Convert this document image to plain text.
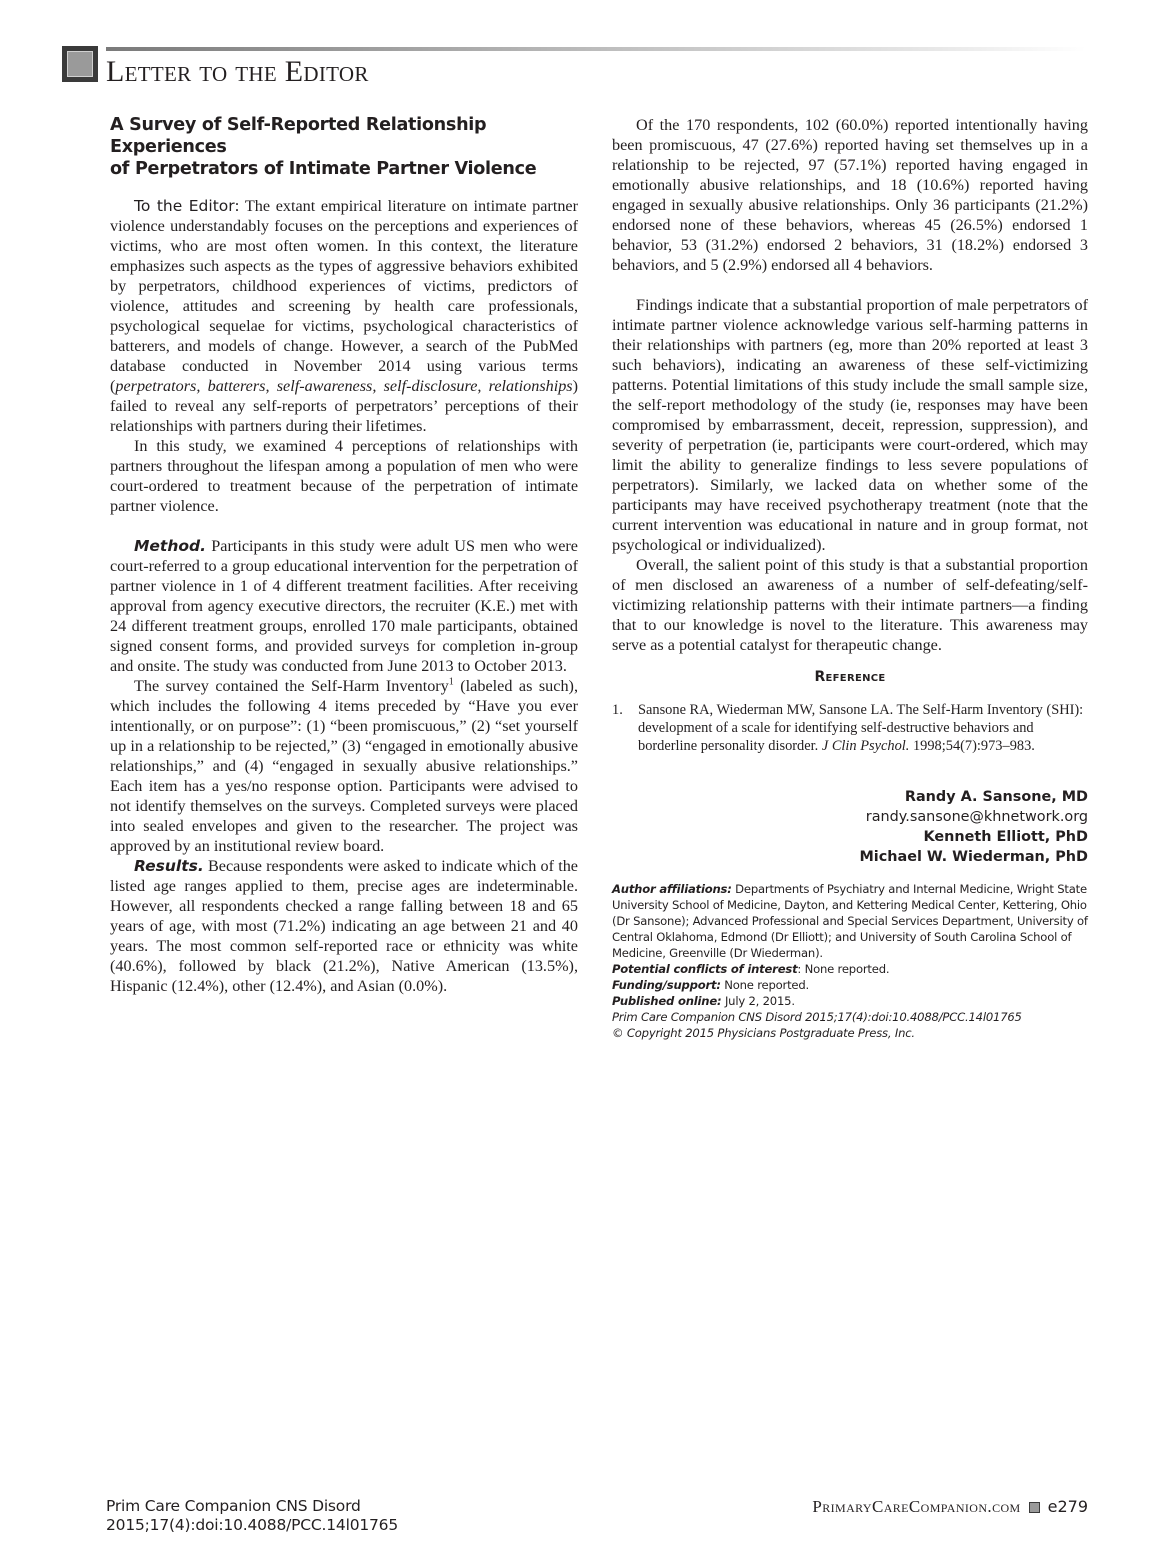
Letter to the Editor
A Survey of Self-Reported Relationship Experiences
of Perpetrators of Intimate Partner Violence

To the Editor: The extant empirical literature on intimate partner violence understandably focuses on the perceptions and experiences of victims, who are most often women. In this context, the literature emphasizes such aspects as the types of aggressive behaviors exhibited by perpetrators, childhood experiences of victims, predictors of violence, attitudes and screening by health care professionals, psychological sequelae for victims, psychological characteristics of batterers, and models of change. However, a search of the PubMed database conducted in November 2014 using various terms (perpetrators, batterers, self-awareness, self-disclosure, relationships) failed to reveal any self-reports of perpetrators’ perceptions of their relationships with partners during their lifetimes.

In this study, we examined 4 perceptions of relationships with partners throughout the lifespan among a population of men who were court-ordered to treatment because of the perpetration of intimate partner violence.

Method. Participants in this study were adult US men who were court-referred to a group educational intervention for the perpetration of partner violence in 1 of 4 different treatment facilities. After receiving approval from agency executive directors, the recruiter (K.E.) met with 24 different treatment groups, enrolled 170 male participants, obtained signed consent forms, and provided surveys for completion in-group and onsite. The study was conducted from June 2013 to October 2013.

The survey contained the Self-Harm Inventory$^1$ (labeled as such), which includes the following 4 items preceded by “Have you ever intentionally, or on purpose”: (1) “been promiscuous,” (2) “set yourself up in a relationship to be rejected,” (3) “engaged in emotionally abusive relationships,” and (4) “engaged in sexually abusive relationships.” Each item has a yes/no response option. Participants were advised to not identify themselves on the surveys. Completed surveys were placed into sealed envelopes and given to the researcher. The project was approved by an institutional review board.

Results. Because respondents were asked to indicate which of the listed age ranges applied to them, precise ages are indeterminable. However, all respondents checked a range falling between 18 and 65 years of age, with most (71.2%) indicating an age between 21 and 40 years. The most common self-reported race or ethnicity was white (40.6%), followed by black (21.2%), Native American (13.5%), Hispanic (12.4%), other (12.4%), and Asian (0.0%).

Of the 170 respondents, 102 (60.0%) reported intentionally having been promiscuous, 47 (27.6%) reported having set themselves up in a relationship to be rejected, 97 (57.1%) reported having engaged in emotionally abusive relationships, and 18 (10.6%) reported having engaged in sexually abusive relationships. Only 36 participants (21.2%) endorsed none of these behaviors, whereas 45 (26.5%) endorsed 1 behavior, 53 (31.2%) endorsed 2 behaviors, 31 (18.2%) endorsed 3 behaviors, and 5 (2.9%) endorsed all 4 behaviors.

Findings indicate that a substantial proportion of male perpetrators of intimate partner violence acknowledge various self-harming patterns in their relationships with partners (eg, more than 20% reported at least 3 such behaviors), indicating an awareness of these self-victimizing patterns. Potential limitations of this study include the small sample size, the self-report methodology of the study (ie, responses may have been compromised by embarrassment, deceit, repression, suppression), and severity of perpetration (ie, participants were court-ordered, which may limit the ability to generalize findings to less severe populations of perpetrators). Similarly, we lacked data on whether some of the participants may have received psychotherapy treatment (note that the current intervention was educational in nature and in group format, not psychological or individualized).

Overall, the salient point of this study is that a substantial proportion of men disclosed an awareness of a number of self-defeating/self-victimizing relationship patterns with their intimate partners—a finding that to our knowledge is novel to the literature. This awareness may serve as a potential catalyst for therapeutic change.

Reference
1.	Sansone RA, Wiederman MW, Sansone LA. The Self-Harm Inventory (SHI): development of a scale for identifying self-destructive behaviors and borderline personality disorder. J Clin Psychol. 1998;54(7):973–983.
Randy A. Sansone, MD
randy.sansone@khnetwork.org
Kenneth Elliott, PhD
Michael W. Wiederman, PhD
Author affiliations: Departments of Psychiatry and Internal Medicine, Wright State University School of Medicine, Dayton, and Kettering Medical Center, Kettering, Ohio (Dr Sansone); Advanced Professional and Special Services Department, University of Central Oklahoma, Edmond (Dr Elliott); and University of South Carolina School of Medicine, Greenville (Dr Wiederman).
Potential conflicts of interest: None reported.
Funding/support: None reported.
Published online: July 2, 2015.
Prim Care Companion CNS Disord 2015;17(4):doi:10.4088/PCC.14l01765
© Copyright 2015 Physicians Postgraduate Press, Inc.
Prim Care Companion CNS Disord
2015;17(4):doi:10.4088/PCC.14l01765
PrimaryCareCompanion.com e279
